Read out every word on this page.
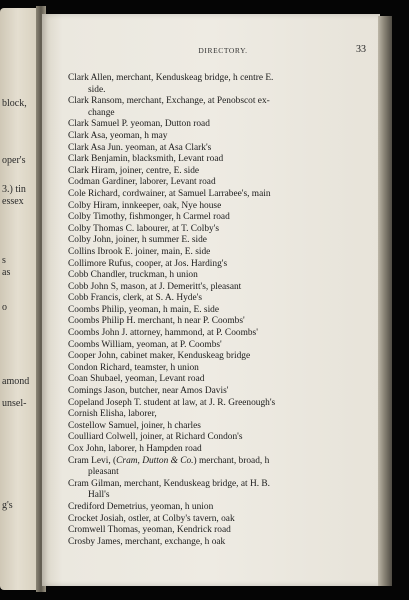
block,
oper's
3.) tin
essex
s
as
o
amond
unsel-
g's
DIRECTORY.	33
Clark Allen, merchant, Kenduskeag bridge, h centre E.
side.
Clark Ransom, merchant, Exchange, at Penobscot ex-
change
Clark Samuel P. yeoman, Dutton road
Clark Asa, yeoman, h may
Clark Asa Jun. yeoman, at Asa Clark's
Clark Benjamin, blacksmith, Levant road
Clark Hiram, joiner, centre, E. side
Codman Gardiner, laborer, Levant road
Cole Richard, cordwainer, at Samuel Larrabee's, main
Colby Hiram, innkeeper, oak, Nye house
Colby Timothy, fishmonger, h Carmel road
Colby Thomas C. labourer, at T. Colby's
Colby John, joiner, h summer E. side
Collins Ibrook E. joiner, main, E. side
Collimore Rufus, cooper, at Jos. Harding's
Cobb Chandler, truckman, h union
Cobb John S, mason, at J. Demeritt's, pleasant
Cobb Francis, clerk, at S. A. Hyde's
Coombs Philip, yeoman, h main, E. side
Coombs Philip H. merchant, h near P. Coombs'
Coombs John J. attorney, hammond, at P. Coombs'
Coombs William, yeoman, at P. Coombs'
Cooper John, cabinet maker, Kenduskeag bridge
Condon Richard, teamster, h union
Coan Shubael, yeoman, Levant road
Comings Jason, butcher, near Amos Davis'
Copeland Joseph T. student at law, at J. R. Greenough's
Cornish Elisha, laborer,
Costellow Samuel, joiner, h charles
Coulliard Colwell, joiner, at Richard Condon's
Cox John, laborer, h Hampden road
Cram Levi, (Cram, Dutton & Co.) merchant, broad, h
pleasant
Cram Gilman, merchant, Kenduskeag bridge, at H. B.
Hall's
Crediford Demetrius, yeoman, h union
Crocket Josiah, ostler, at Colby's tavern, oak
Cromwell Thomas, yeoman, Kendrick road
Crosby James, merchant, exchange, h oak
